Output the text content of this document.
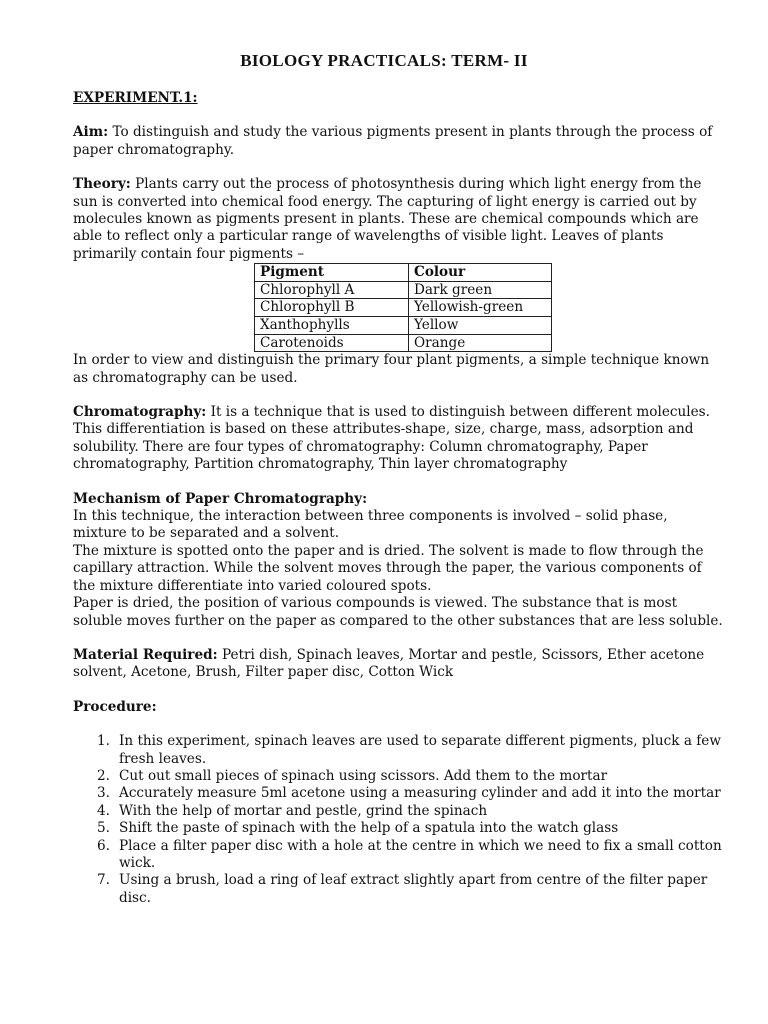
BIOLOGY PRACTICALS: TERM- II

EXPERIMENT.1:

Aim: To distinguish and study the various pigments present in plants through the process of paper chromatography.

Theory: Plants carry out the process of photosynthesis during which light energy from the sun is converted into chemical food energy. The capturing of light energy is carried out by molecules known as pigments present in plants. These are chemical compounds which are able to reflect only a particular range of wavelengths of visible light. Leaves of plants primarily contain four pigments –

Pigment	Colour
Chlorophyll A	Dark green
Chlorophyll B	Yellowish-green
Xanthophylls	Yellow
Carotenoids	Orange

In order to view and distinguish the primary four plant pigments, a simple technique known as chromatography can be used.

Chromatography: It is a technique that is used to distinguish between different molecules. This differentiation is based on these attributes-shape, size, charge, mass, adsorption and solubility. There are four types of chromatography: Column chromatography, Paper chromatography, Partition chromatography, Thin layer chromatography

Mechanism of Paper Chromatography:

In this technique, the interaction between three components is involved – solid phase, mixture to be separated and a solvent.

The mixture is spotted onto the paper and is dried. The solvent is made to flow through the capillary attraction. While the solvent moves through the paper, the various components of the mixture differentiate into varied coloured spots.

Paper is dried, the position of various compounds is viewed. The substance that is most soluble moves further on the paper as compared to the other substances that are less soluble.

Material Required: Petri dish, Spinach leaves, Mortar and pestle, Scissors, Ether acetone solvent, Acetone, Brush, Filter paper disc, Cotton Wick

Procedure:

1. In this experiment, spinach leaves are used to separate different pigments, pluck a few fresh leaves.
2. Cut out small pieces of spinach using scissors. Add them to the mortar
3. Accurately measure 5ml acetone using a measuring cylinder and add it into the mortar
4. With the help of mortar and pestle, grind the spinach
5. Shift the paste of spinach with the help of a spatula into the watch glass
6. Place a filter paper disc with a hole at the centre in which we need to fix a small cotton wick.
7. Using a brush, load a ring of leaf extract slightly apart from centre of the filter paper disc.
